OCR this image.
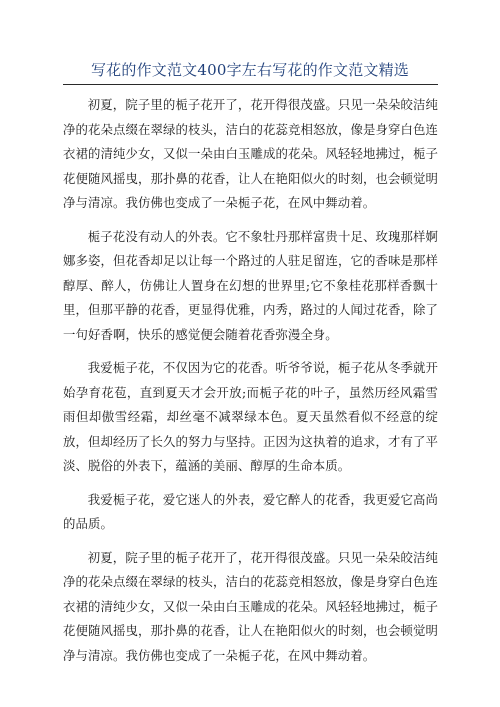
写花的作文范文400字左右写花的作文范文精选

初夏，院子里的栀子花开了，花开得很茂盛。只见一朵朵皎洁纯净的花朵点缀在翠绿的枝头，洁白的花蕊竞相怒放，像是身穿白色连衣裙的清纯少女，又似一朵由白玉雕成的花朵。风轻轻地拂过，栀子花便随风摇曳，那扑鼻的花香，让人在艳阳似火的时刻，也会顿觉明净与清凉。我仿佛也变成了一朵栀子花，在风中舞动着。

栀子花没有动人的外表。它不象牡丹那样富贵十足、玫瑰那样婀娜多姿，但花香却足以让每一个路过的人驻足留连，它的香味是那样醇厚、醉人，仿佛让人置身在幻想的世界里;它不象桂花那样香飘十里，但那平静的花香，更显得优雅，内秀，路过的人闻过花香，除了一句好香啊，快乐的感觉便会随着花香弥漫全身。

我爱栀子花，不仅因为它的花香。听爷爷说，栀子花从冬季就开始孕育花苞，直到夏天才会开放;而栀子花的叶子，虽然历经风霜雪雨但却傲雪经霜，却丝毫不减翠绿本色。夏天虽然看似不经意的绽放，但却经历了长久的努力与坚持。正因为这执着的追求，才有了平淡、脱俗的外表下，蕴涵的美丽、醇厚的生命本质。

我爱栀子花，爱它迷人的外表，爱它醉人的花香，我更爱它高尚的品质。

初夏，院子里的栀子花开了，花开得很茂盛。只见一朵朵皎洁纯净的花朵点缀在翠绿的枝头，洁白的花蕊竞相怒放，像是身穿白色连衣裙的清纯少女，又似一朵由白玉雕成的花朵。风轻轻地拂过，栀子花便随风摇曳，那扑鼻的花香，让人在艳阳似火的时刻，也会顿觉明净与清凉。我仿佛也变成了一朵栀子花，在风中舞动着。
